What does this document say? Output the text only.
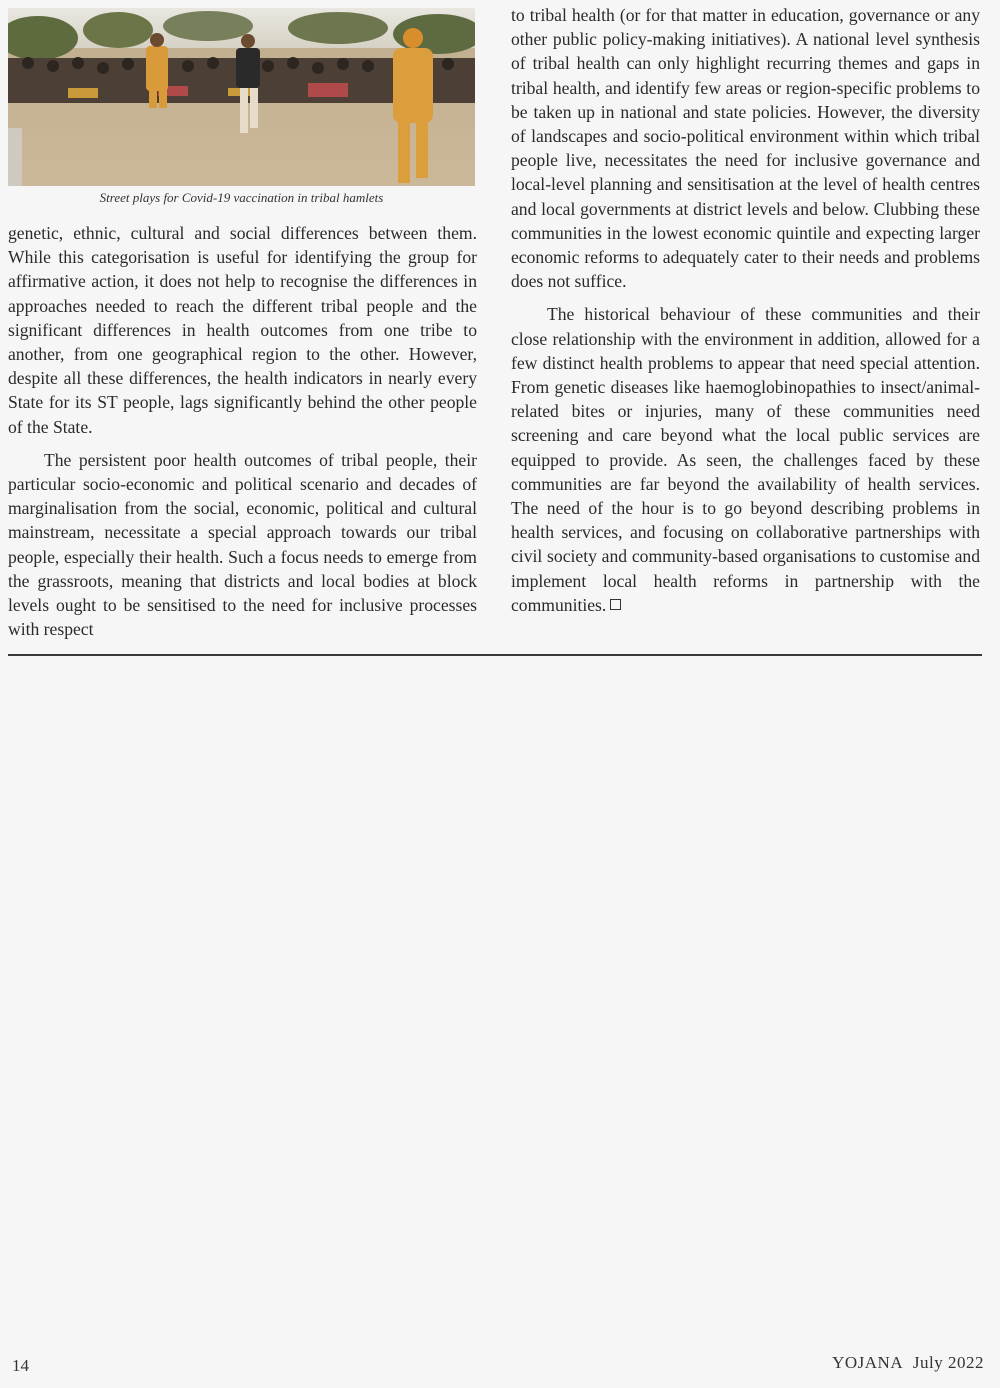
Street plays for Covid-19 vaccination in tribal hamlets

genetic, ethnic, cultural and social differences between them. While this categorisation is useful for identifying the group for affirmative action, it does not help to recognise the differences in approaches needed to reach the different tribal people and the significant differences in health outcomes from one tribe to another, from one geographical region to the other. However, despite all these differences, the health indicators in nearly every State for its ST people, lags significantly behind the other people of the State.

The persistent poor health outcomes of tribal people, their particular socio-economic and political scenario and decades of marginalisation from the social, economic, political and cultural mainstream, necessitate a special approach towards our tribal people, especially their health. Such a focus needs to emerge from the grassroots, meaning that districts and local bodies at block levels ought to be sensitised to the need for inclusive processes with respect

to tribal health (or for that matter in education, governance or any other public policy-making initiatives). A national level synthesis of tribal health can only highlight recurring themes and gaps in tribal health, and identify few areas or region-specific problems to be taken up in national and state policies. However, the diversity of landscapes and socio-political environment within which tribal people live, necessitates the need for inclusive governance and local-level planning and sensitisation at the level of health centres and local governments at district levels and below. Clubbing these communities in the lowest economic quintile and expecting larger economic reforms to adequately cater to their needs and problems does not suffice.

The historical behaviour of these communities and their close relationship with the environment in addition, allowed for a few distinct health problems to appear that need special attention. From genetic diseases like haemoglobinopathies to insect/animal-related bites or injuries, many of these communities need screening and care beyond what the local public services are equipped to provide. As seen, the challenges faced by these communities are far beyond the availability of health services. The need of the hour is to go beyond describing problems in health services, and focusing on collaborative partnerships with civil society and community-based organisations to customise and implement local health reforms in partnership with the communities.

14	YOJANA July 2022
